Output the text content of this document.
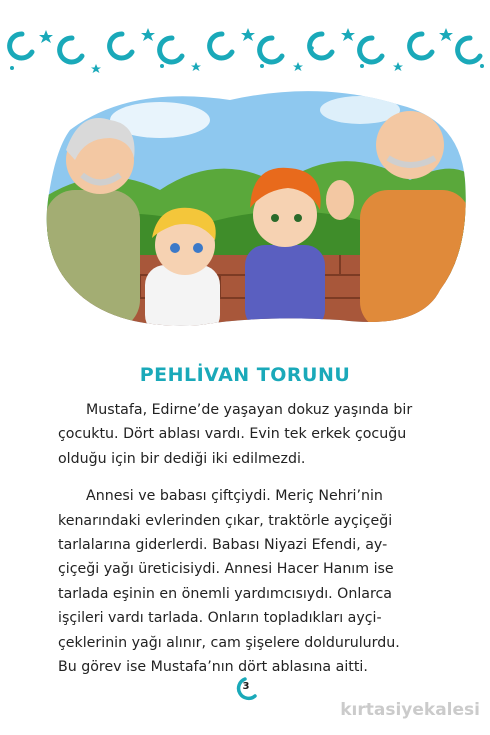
PEHLİVAN TORUNU

Mustafa, Edirne’de yaşayan dokuz yaşında bir
çocuktu. Dört ablası vardı. Evin tek erkek çocuğu
olduğu için bir dediği iki edilmezdi.

Annesi ve babası çiftçiydi. Meriç Nehri’nin
kenarındaki evlerinden çıkar, traktörle ayçiçeği
tarlalarına giderlerdi. Babası Niyazi Efendi, ay-
çiçeği yağı üreticisiydi. Annesi Hacer Hanım ise
tarlada eşinin en önemli yardımcısıydı. Onlarca
işçileri vardı tarlada. Onların topladıkları ayçi-
çeklerinin yağı alınır, cam şişelere doldurulurdu.
Bu görev ise Mustafa’nın dört ablasına aitti.

3
kırtasiyekalesi
